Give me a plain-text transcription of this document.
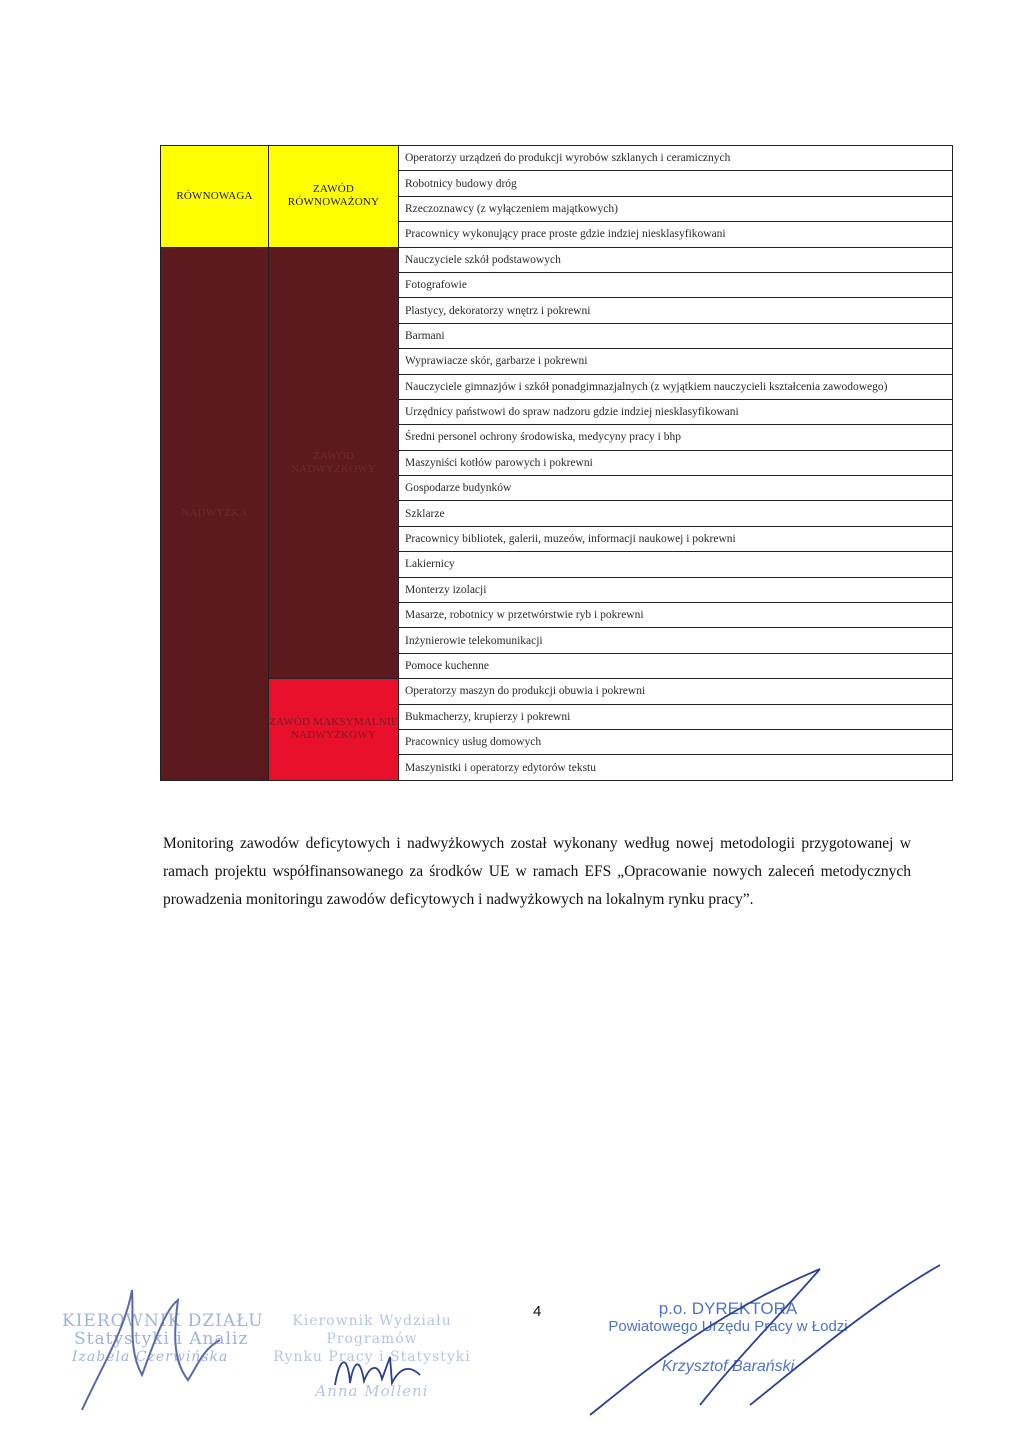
RÓWNOWAGA	ZAWÓD RÓWNOWAŻONY	Operatorzy urządzeń do produkcji wyrobów szklanych i ceramicznych
		Robotnicy budowy dróg
		Rzeczoznawcy (z wyłączeniem majątkowych)
		Pracownicy wykonujący prace proste gdzie indziej niesklasyfikowani
NADWYŻKA	ZAWÓD NADWYŻKOWY	Nauczyciele szkół podstawowych
		Fotografowie
		Plastycy, dekoratorzy wnętrz i pokrewni
		Barmani
		Wyprawiacze skór, garbarze i pokrewni
		Nauczyciele gimnazjów i szkół ponadgimnazjalnych (z wyjątkiem nauczycieli kształcenia zawodowego)
		Urzędnicy państwowi do spraw nadzoru gdzie indziej niesklasyfikowani
		Średni personel ochrony środowiska, medycyny pracy i bhp
		Maszyniści kotłów parowych i pokrewni
		Gospodarze budynków
		Szklarze
		Pracownicy bibliotek, galerii, muzeów, informacji naukowej i pokrewni
		Lakiernicy
		Monterzy izolacji
		Masarze, robotnicy w przetwórstwie ryb i pokrewni
		Inżynierowie telekomunikacji
		Pomoce kuchenne
	ZAWÓD MAKSYMALNIE NADWYŻKOWY	Operatorzy maszyn do produkcji obuwia i pokrewni
		Bukmacherzy, krupierzy i pokrewni
		Pracownicy usług domowych
		Maszynistki i operatorzy edytorów tekstu

Monitoring zawodów deficytowych i nadwyżkowych został wykonany według nowej metodologii przygotowanej w ramach projektu współfinansowanego za środków UE w ramach EFS „Opracowanie nowych zaleceń metodycznych prowadzenia monitoringu zawodów deficytowych i nadwyżkowych na lokalnym rynku pracy”.

4
KIEROWNIK DZIAŁU
Statystyki i Analiz
Izabela Czerwińska
Kierownik Wydziału Programów
Rynku Pracy i Statystyki
Anna Molleni
p.o. DYREKTORA
Powiatowego Urzędu Pracy w Łodzi
Krzysztof Barański
